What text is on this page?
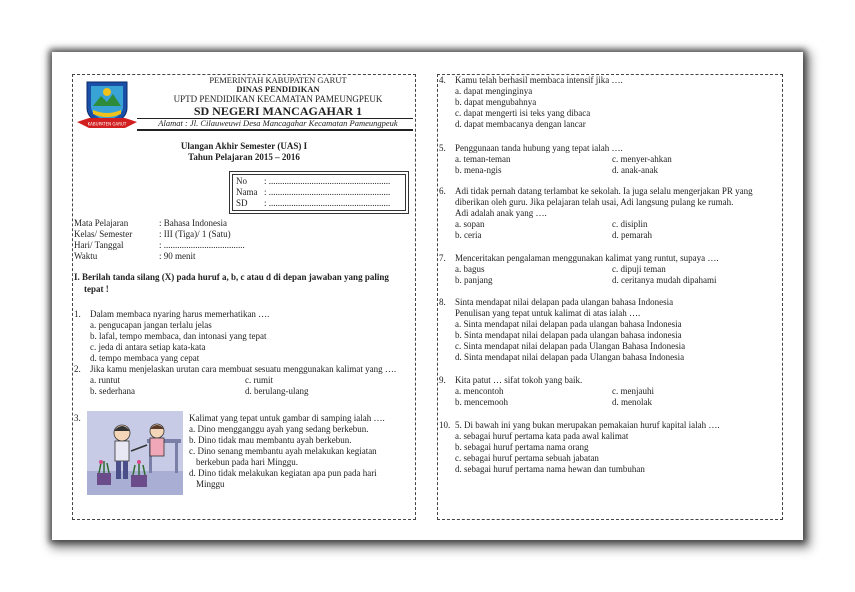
KABUPATEN GARUT
PEMERINTAH KABUPATEN GARUT
DINAS PENDIDIKAN
UPTD PENDIDIKAN KECAMATAN PAMEUNGPEUK
SD NEGERI MANCAGAHAR 1
Alamat : Jl. Cilauweuwi Desa Mancagahar Kecamatan Pameungpeuk
Ulangan Akhir Semester (UAS) I
Tahun Pelajaran 2015 – 2016
No : ......................................................
Nama : ......................................................
SD : ......................................................
Mata Pelajaran	: Bahasa Indonesia
Kelas/ Semester	: III (Tiga)/ 1 (Satu)
Hari/ Tanggal	: ....................................
Waktu	: 90 menit
I. Berilah tanda silang (X) pada huruf a, b, c atau d di depan jawaban yang paling
tepat !
1. Dalam membaca nyaring harus memerhatikan ….
a. pengucapan jangan terlalu jelas
b. lafal, tempo membaca, dan intonasi yang tepat
c. jeda di antara setiap kata-kata
d. tempo membaca yang cepat
2. Jika kamu menjelaskan urutan cara membuat sesuatu menggunakan kalimat yang ….
a. runtut	c. rumit
b. sederhana	d. berulang-ulang
3.	Kalimat yang tepat untuk gambar di samping ialah ….
a. Dino mengganggu ayah yang sedang berkebun.
b. Dino tidak mau membantu ayah berkebun.
c. Dino senang membantu ayah melakukan kegiatan
berkebun pada hari Minggu.
d. Dino tidak melakukan kegiatan apa pun pada hari
Minggu
4. Kamu telah berhasil membaca intensif jika ….
a. dapat menginginya
b. dapat mengubahnya
c. dapat mengerti isi teks yang dibaca
d. dapat membacanya dengan lancar
5. Penggunaan tanda hubung yang tepat ialah ….
a. teman-teman	c. menyer-ahkan
b. mena-ngis	d. anak-anak
6. Adi tidak pernah datang terlambat ke sekolah. Ia juga selalu mengerjakan PR yang
diberikan oleh guru. Jika pelajaran telah usai, Adi langsung pulang ke rumah.
Adi adalah anak yang ….
a. sopan	c. disiplin
b. ceria	d. pemarah
7. Menceritakan pengalaman menggunakan kalimat yang runtut, supaya ….
a. bagus	c. dipuji teman
b. panjang	d. ceritanya mudah dipahami
8. Sinta mendapat nilai delapan pada ulangan bahasa Indonesia
Penulisan yang tepat untuk kalimat di atas ialah ….
a. Sinta mendapat nilai delapan pada ulangan bahasa Indonesia
b. Sinta mendapat nilai delapan pada ulangan bahasa indonesia
c. Sinta mendapat nilai delapan pada Ulangan Bahasa Indonesia
d. Sinta mendapat nilai delapan pada Ulangan bahasa Indonesia
9. Kita patut … sifat tokoh yang baik.
a. mencontoh	c. menjauhi
b. mencemooh	d. menolak
10. 5. Di bawah ini yang bukan merupakan pemakaian huruf kapital ialah ….
a. sebagai huruf pertama kata pada awal kalimat
b. sebagai huruf pertama nama orang
c. sebagai huruf pertama sebuah jabatan
d. sebagai huruf pertama nama hewan dan tumbuhan
